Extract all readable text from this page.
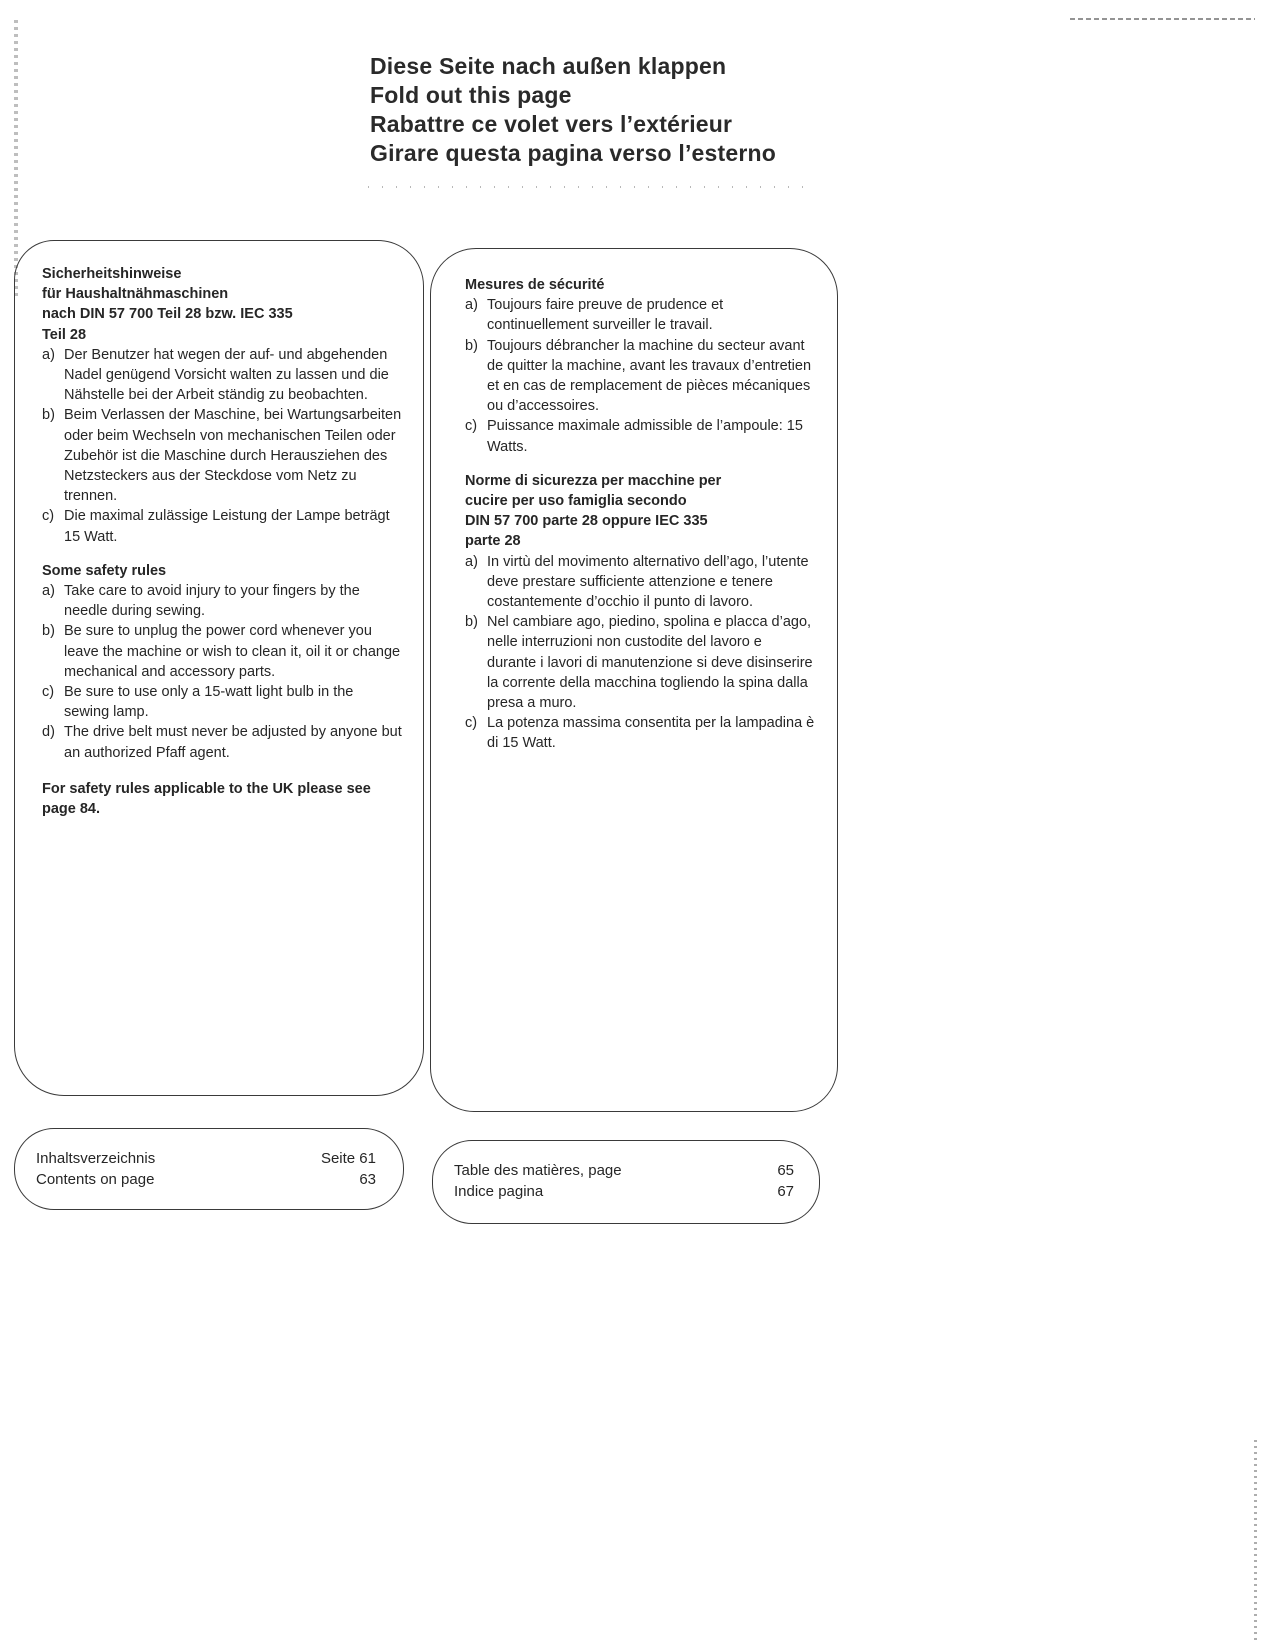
Diese Seite nach außen klappen
Fold out this page
Rabattre ce volet vers l’extérieur
Girare questa pagina verso l’esterno
Sicherheitshinweise
für Haushaltnähmaschinen
nach DIN 57 700 Teil 28 bzw. IEC 335
Teil 28
a) Der Benutzer hat wegen der auf- und abgehenden Nadel genügend Vorsicht walten zu lassen und die Nähstelle bei der Arbeit ständig zu beobachten.
b) Beim Verlassen der Maschine, bei Wartungsarbeiten oder beim Wechseln von mechanischen Teilen oder Zubehör ist die Maschine durch Herausziehen des Netzsteckers aus der Steckdose vom Netz zu trennen.
c) Die maximal zulässige Leistung der Lampe beträgt 15 Watt.
Some safety rules
a) Take care to avoid injury to your fingers by the needle during sewing.
b) Be sure to unplug the power cord whenever you leave the machine or wish to clean it, oil it or change mechanical and accessory parts.
c) Be sure to use only a 15-watt light bulb in the sewing lamp.
d) The drive belt must never be adjusted by anyone but an authorized Pfaff agent.
For safety rules applicable to the UK please see page 84.
Mesures de sécurité
a) Toujours faire preuve de prudence et continuellement surveiller le travail.
b) Toujours débrancher la machine du secteur avant de quitter la machine, avant les travaux d’entretien et en cas de remplacement de pièces mécaniques ou d’accessoires.
c) Puissance maximale admissible de l’ampoule: 15 Watts.
Norme di sicurezza per macchine per
cucire per uso famiglia secondo
DIN 57 700 parte 28 oppure IEC 335
parte 28
a) In virtù del movimento alternativo dell’ago, l’utente deve prestare sufficiente attenzione e tenere costantemente d’occhio il punto di lavoro.
b) Nel cambiare ago, piedino, spolina e placca d’ago, nelle interruzioni non custodite del lavoro e durante i lavori di manutenzione si deve disinserire la corrente della macchina togliendo la spina dalla presa a muro.
c) La potenza massima consentita per la lampadina è di 15 Watt.
Inhaltsverzeichnis	Seite 61
Contents on page	63
Table des matières, page	65
Indice pagina	67
